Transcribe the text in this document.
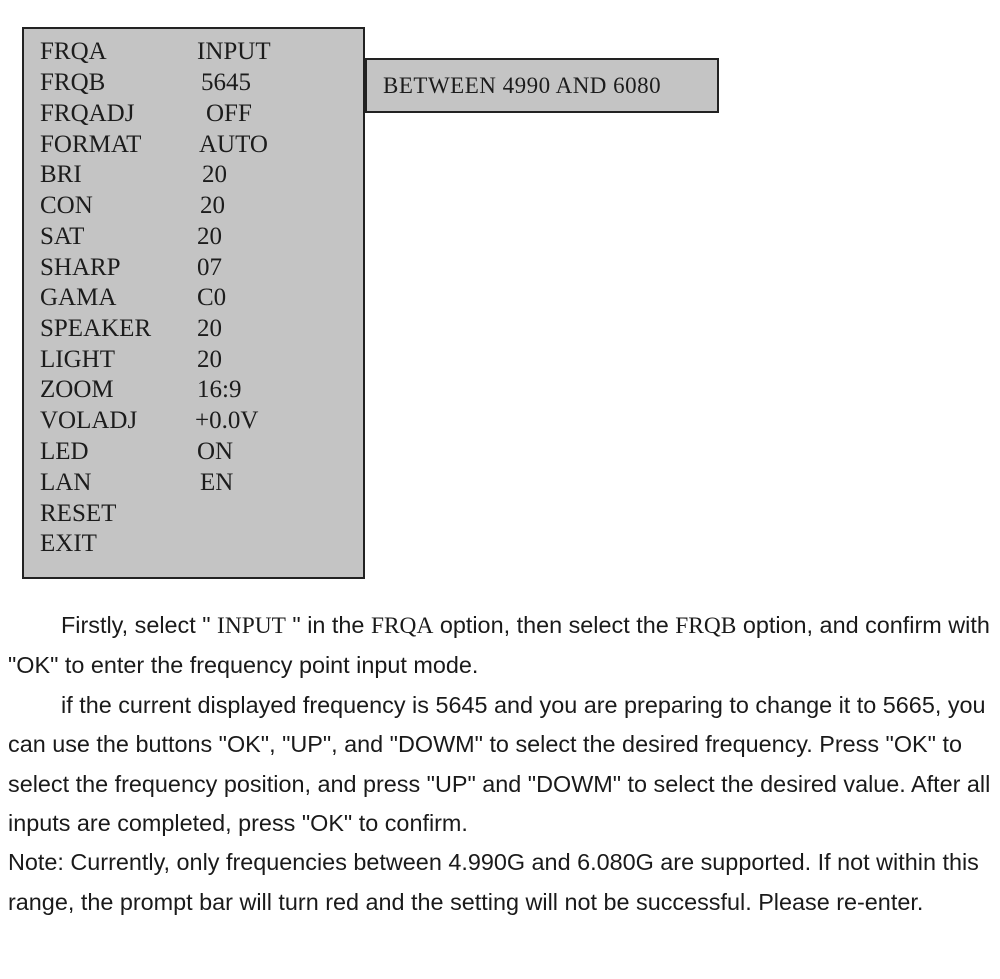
FRQA	INPUT
FRQB	5645
FRQADJ	OFF
FORMAT AUTO
BRI	20
CON	20
SAT	20
SHARP	07
GAMA	C0
SPEAKER 20
LIGHT	20
ZOOM	16:9
VOLADJ +0.0V
LED	ON
LAN	EN
RESET
EXIT
BETWEEN 4990 AND 6080

Firstly, select " INPUT " in the FRQA option, then select the FRQB option, and confirm with "OK" to enter the frequency point input mode.

if the current displayed frequency is 5645 and you are preparing to change it to 5665, you can use the buttons "OK", "UP", and "DOWM" to select the desired frequency. Press "OK" to select the frequency position, and press "UP" and "DOWM" to select the desired value. After all inputs are completed, press "OK" to confirm.

Note: Currently, only frequencies between 4.990G and 6.080G are supported. If not within this range, the prompt bar will turn red and the setting will not be successful. Please re-enter.
